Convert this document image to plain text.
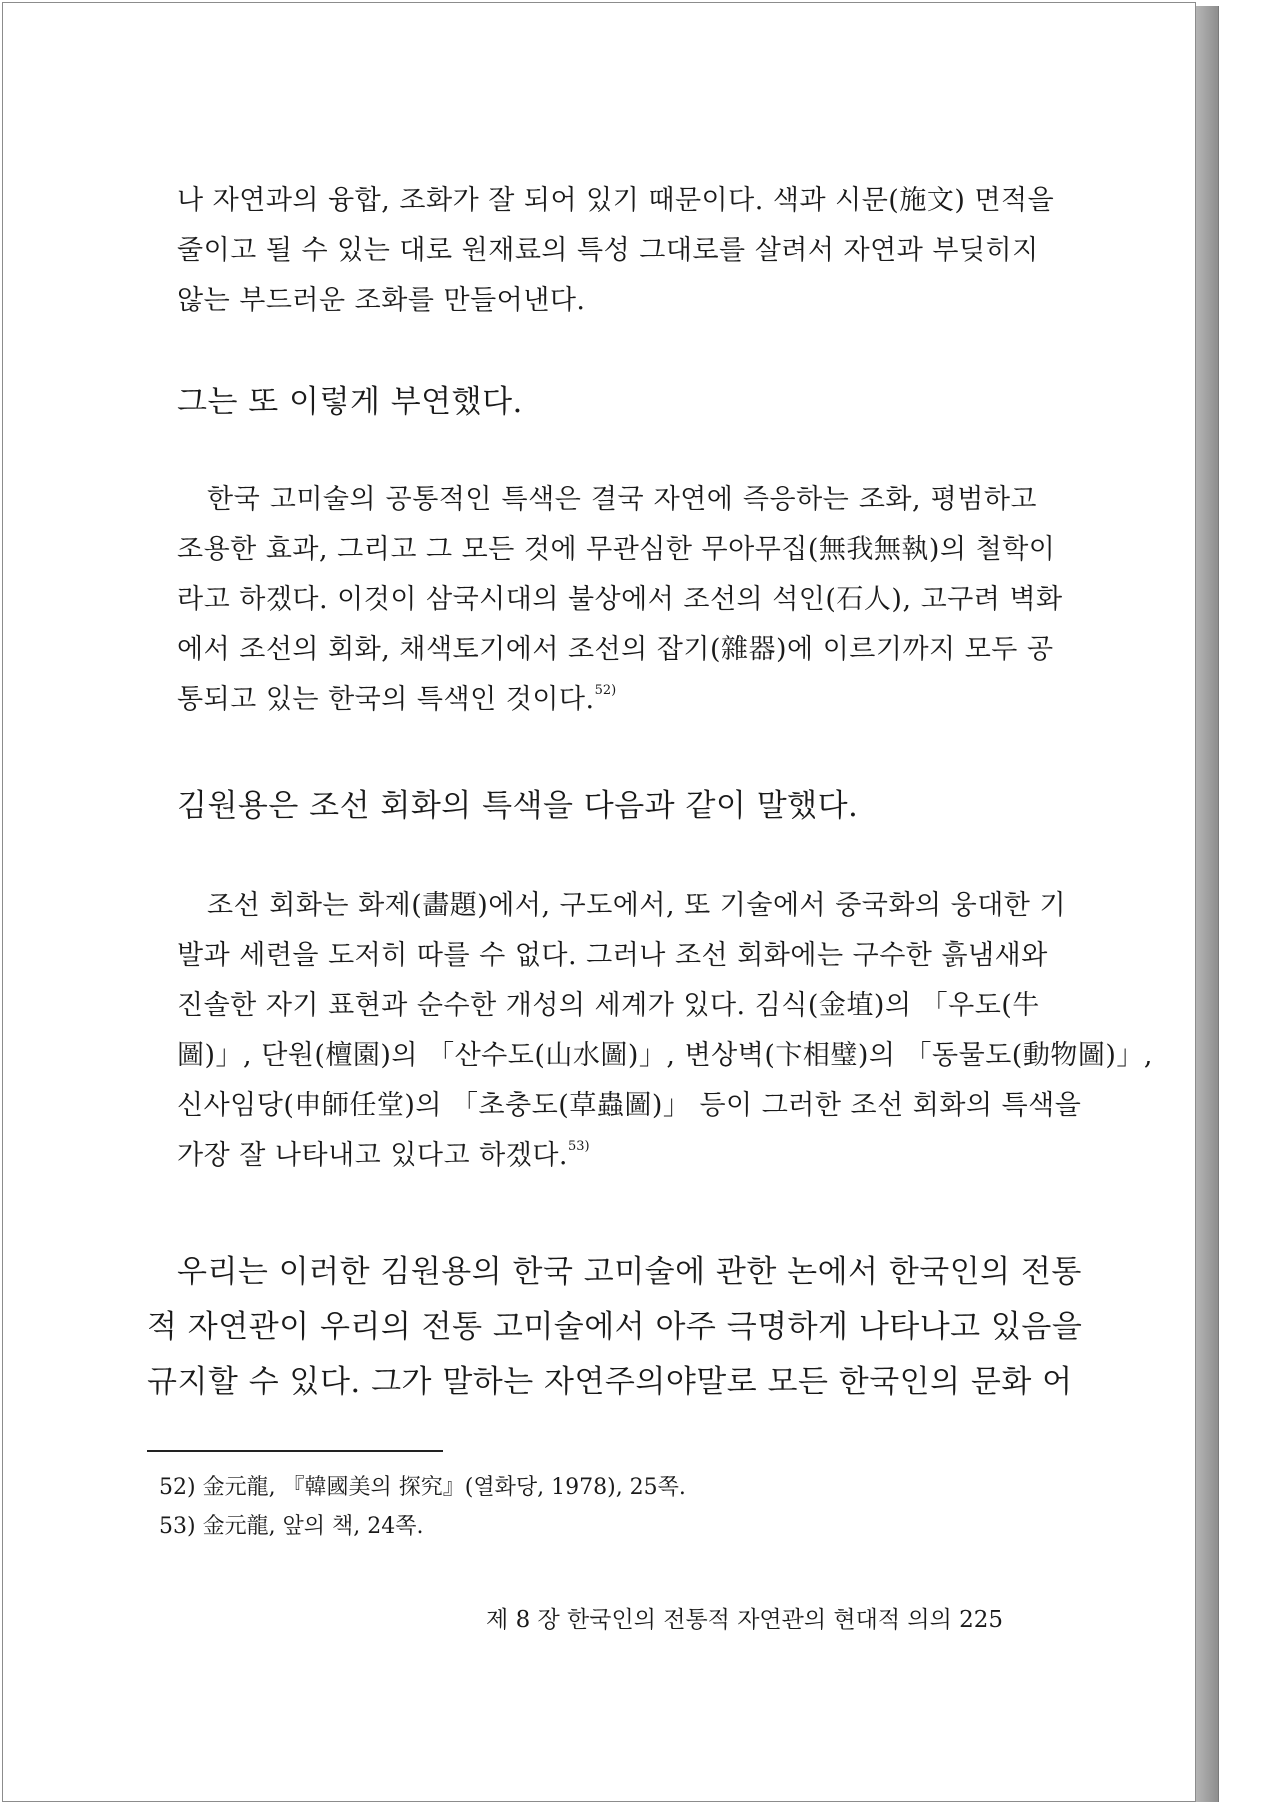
나 자연과의 융합, 조화가 잘 되어 있기 때문이다. 색과 시문(施文) 면적을
줄이고 될 수 있는 대로 원재료의 특성 그대로를 살려서 자연과 부딪히지
않는 부드러운 조화를 만들어낸다.
그는 또 이렇게 부연했다.
한국 고미술의 공통적인 특색은 결국 자연에 즉응하는 조화, 평범하고
조용한 효과, 그리고 그 모든 것에 무관심한 무아무집(無我無執)의 철학이
라고 하겠다. 이것이 삼국시대의 불상에서 조선의 석인(石人), 고구려 벽화
에서 조선의 회화, 채색토기에서 조선의 잡기(雜器)에 이르기까지 모두 공
통되고 있는 한국의 특색인 것이다.$^{52)}$
김원용은 조선 회화의 특색을 다음과 같이 말했다.
조선 회화는 화제(畵題)에서, 구도에서, 또 기술에서 중국화의 웅대한 기
발과 세련을 도저히 따를 수 없다. 그러나 조선 회화에는 구수한 흙냄새와
진솔한 자기 표현과 순수한 개성의 세계가 있다. 김식(金埴)의 「우도(牛
圖)」, 단원(檀園)의 「산수도(山水圖)」, 변상벽(卞相璧)의 「동물도(動物圖)」,
신사임당(申師任堂)의 「초충도(草蟲圖)」 등이 그러한 조선 회화의 특색을
가장 잘 나타내고 있다고 하겠다.$^{53)}$
우리는 이러한 김원용의 한국 고미술에 관한 논에서 한국인의 전통
적 자연관이 우리의 전통 고미술에서 아주 극명하게 나타나고 있음을
규지할 수 있다. 그가 말하는 자연주의야말로 모든 한국인의 문화 어
52) 金元龍, 『韓國美의 探究』(열화당, 1978), 25쪽.
53) 金元龍, 앞의 책, 24쪽.
제 8 장 한국인의 전통적 자연관의 현대적 의의 225
